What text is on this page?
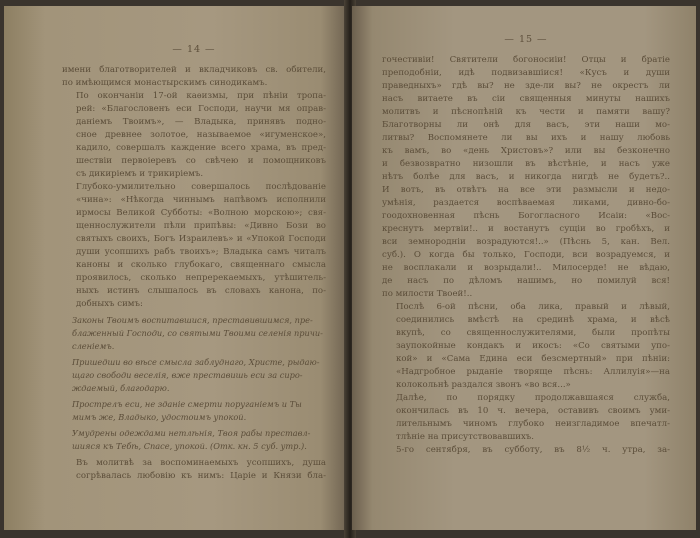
— 14 —

имени благотворителей и вкладчиковъ св. обители,
по имѣющимся монастырскимъ синодикамъ.

По окончаніи 17-ой каѳизмы, при пѣніи тропа-
рей: «Благословенъ еси Господи, научи мя оправ-
даніемъ Твоимъ», — Владыка, принявъ подно-
сное древнее золотое, называемое «игуменское»,
кадило, совершалъ каждение всего храма, въ пред-
шествіи первоіеревъ со свѣчею и помощниковъ
съ дикиріемъ и трикиріемъ.

Глубоко-умилительно совершалось послѣдованіе
«чина»: «Нѣкогда чиннымъ напѣвомъ исполнили
ирмосы Великой Субботы: «Волною морскою»; свя-
щеннослужители пѣли припѣвы: «Дивно Бози во
святыхъ своихъ, Богъ Израилевъ» и «Упокой Господи
души усопшихъ рабъ твоихъ»; Владыка самъ читалъ
каноны и сколько глубокаго, священнаго смысла
проявилось, сколько непререкаемыхъ, утѣшитель-
ныхъ истинъ слышалось въ словахъ канона, по-
добныхъ симъ:

Законы Твоимъ воспитавшися, преставившимся, пре-
блаженный Господи, со святыми Твоими селенія причи-
сленіемъ.

Пришедши во вѣсе смысла заблуднаго, Христе, рыдаю-
щаго свободи веселія, вже преставишь еси за сиро-
ждаемый, благодарю.

Прострелъ еси, не зданіе смерти поруганіемъ и Ты
мимъ же, Владыко, удостоимъ упокой.

Умудрены одеждами нетлѣнія, Твоя рабы преставл-
шияся къ Тебѣ, Спасе, упокой. (Отк. кн. 5 суб. утр.).

Въ молитвѣ за воспоминаемыхъ усопшихъ, душа
согрѣвалась любовію къ нимъ: Царіе и Князи бла-

— 15 —

гочестивіи! Святители богоносиіи! Отцы и братіе
преподобніи, идѣ подвизавшіися! «Кусъ и души
праведныхъ» гдѣ вы? не зде-ли вы? не окрестъ ли
насъ витаете въ сіи священныя минуты нашихъ
молитвъ и пѣснопѣній къ чести и памяти вашу?
Благотворны ли онѣ для васъ, эти наши мо-
литвы? Воспомянете ли вы ихъ и нашу любовь
къ вамъ, во «день Христовъ»? или вы безконечно
и безвозвратно низошли въ вѣстѣніе, и насъ уже
нѣтъ болѣе для васъ, и никогда нигдѣ не будетъ?..
И вотъ, въ отвѣтъ на все эти размысли и недо-
умѣнія, раздается воспѣваемая ликами, дивно-бо-
гоодохновенная пѣснь Богогласного Исаіи: «Вос-
креснутъ мертвіи!.. и востанутъ сущіи во гробѣхъ, и
вси земнородніи возрадуются!..» (Пѣснь 5, кан. Вел.
суб.). О когда бы только, Господи, вси возрадуемся, и
не восплакали и возрыдали!.. Милосерде! не вѣдаю,
де насъ по дѣломъ нашимъ, но помилуй вся!
по милости Твоей!..

Послѣ 6-ой пѣсни, оба лика, правый и лѣвый,
соединились вмѣстѣ на срединѣ храма, и вѣсѣ
вкупѣ, со священнослужителями, были пропѣты
заупокойные кондакъ и икосъ: «Со святыми упо-
кой» и «Сама Едина еси безсмертный» при пѣніи:
«Надгробное рыданіе творяще пѣснь: Аллилуія»—на
колокольнѣ раздался звонъ «во вся...»

Далѣе, по порядку продолжавшаяся служба,
окончилась въ 10 ч. вечера, оставивъ своимъ уми-
лительнымъ чиномъ глубоко неизгладимое впечатл-
тлѣніе на присутствовавшихъ.

5-го сентября, въ субботу, въ 8½ ч. утра, за-
